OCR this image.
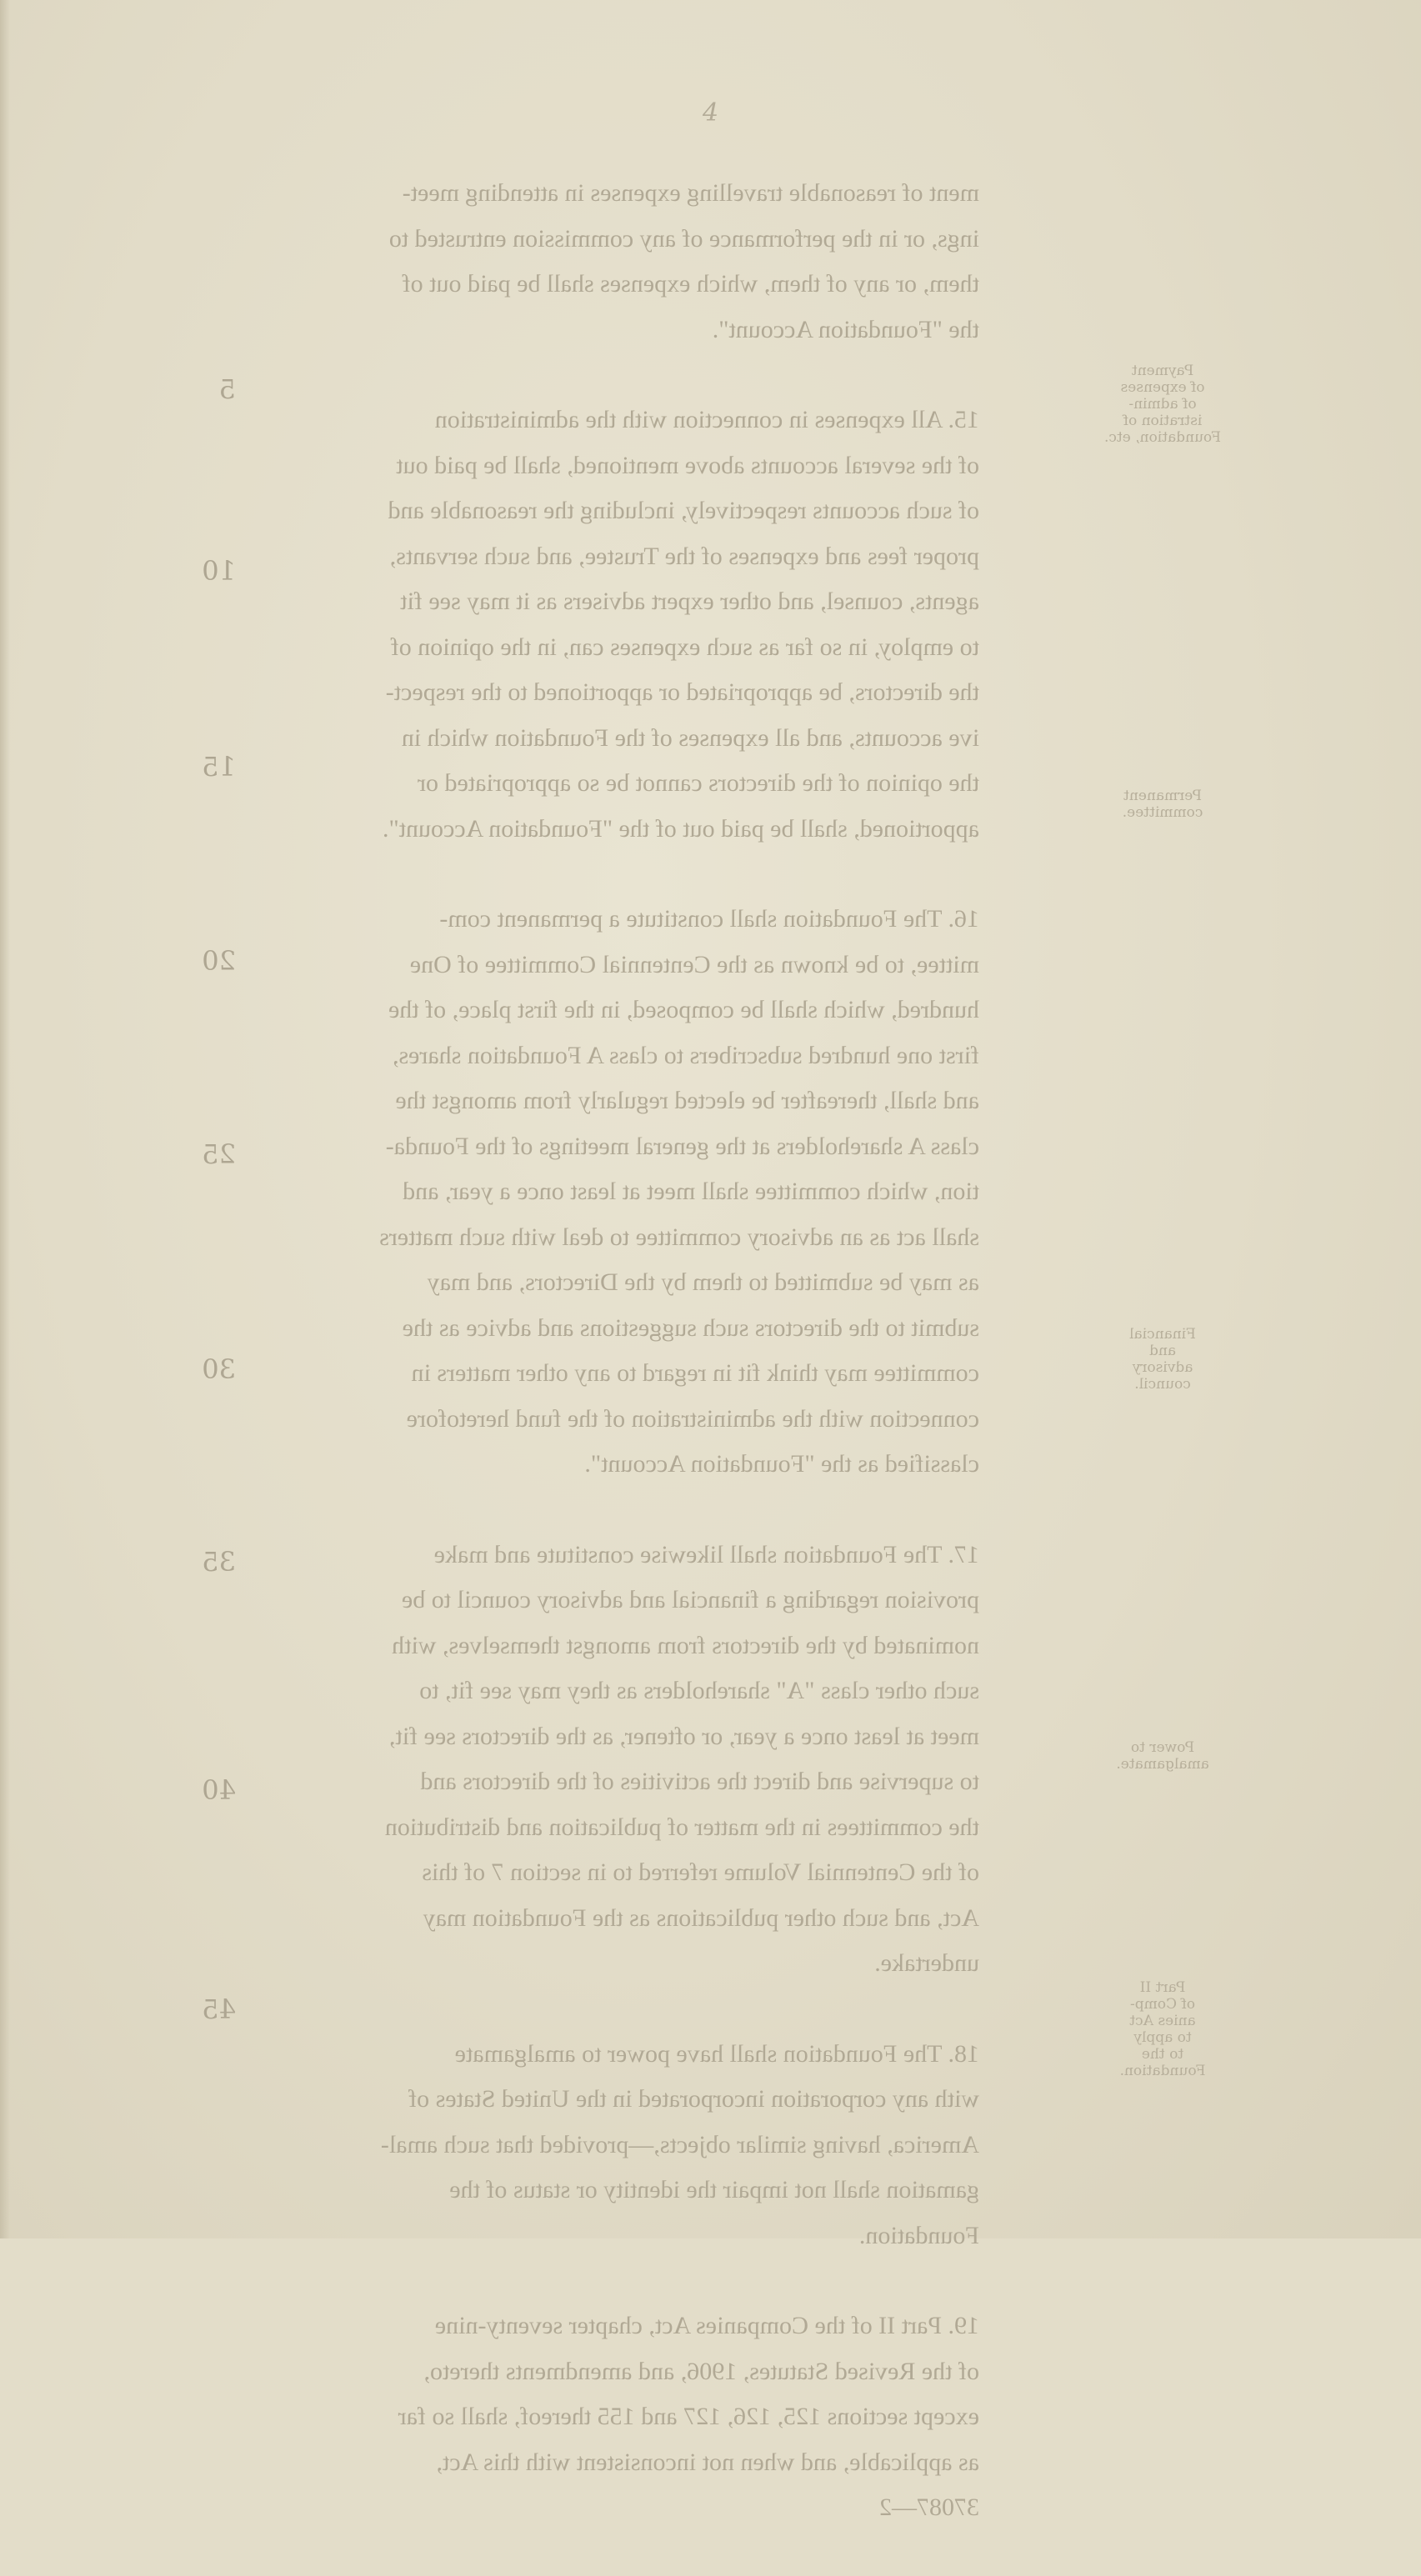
4
5
10
15
20
25
30
35
40
45
Payment
of expenses
of admin-
istration of
Foundation, etc.
Permanent
committee.
Financial
and
advisory
council.
Power to
amalgamate.
Part II
of Comp-
anies Act
to apply
to the
Foundation.
ment of reasonable travelling expenses in attending meet-
ings, or in the performance of any commission entrusted to
them, or any of them, which expenses shall be paid out of
the "Foundation Account".
15. All expenses in connection with the administration
of the several accounts above mentioned, shall be paid out
of such accounts respectively, including the reasonable and
proper fees and expenses of the Trustee, and such servants,
agents, counsel, and other expert advisers as it may see fit
to employ, in so far as such expenses can, in the opinion of
the directors, be appropriated or apportioned to the respect-
ive accounts, and all expenses of the Foundation which in
the opinion of the directors cannot be so appropriated or
apportioned, shall be paid out of the "Foundation Account".
16. The Foundation shall constitute a permanent com-
mittee, to be known as the Centennial Committee of One
hundred, which shall be composed, in the first place, of the
first one hundred subscribers to class A Foundation shares,
and shall, thereafter be elected regularly from amongst the
class A shareholders at the general meetings of the Founda-
tion, which committee shall meet at least once a year, and
shall act as an advisory committee to deal with such matters
as may be submitted to them by the Directors, and may
submit to the directors such suggestions and advice as the
committee may think fit in regard to any other matters in
connection with the administration of the fund heretofore
classified as the "Foundation Account".
17. The Foundation shall likewise constitute and make
provision regarding a financial and advisory council to be
nominated by the directors from amongst themselves, with
such other class "A" shareholders as they may see fit, to
meet at least once a year, or oftener, as the directors see fit,
to supervise and direct the activities of the directors and
the committees in the matter of publication and distribution
of the Centennial Volume referred to in section 7 of this
Act, and such other publications as the Foundation may
undertake.
18. The Foundation shall have power to amalgamate
with any corporation incorporated in the United States of
America, having similar objects,—provided that such amal-
gamation shall not impair the identity or status of the
Foundation.
19. Part II of the Companies Act, chapter seventy-nine
of the Revised Statutes, 1906, and amendments thereto,
except sections 125, 126, 127 and 155 thereof, shall so far
as applicable, and when not inconsistent with this Act,
37087—2
